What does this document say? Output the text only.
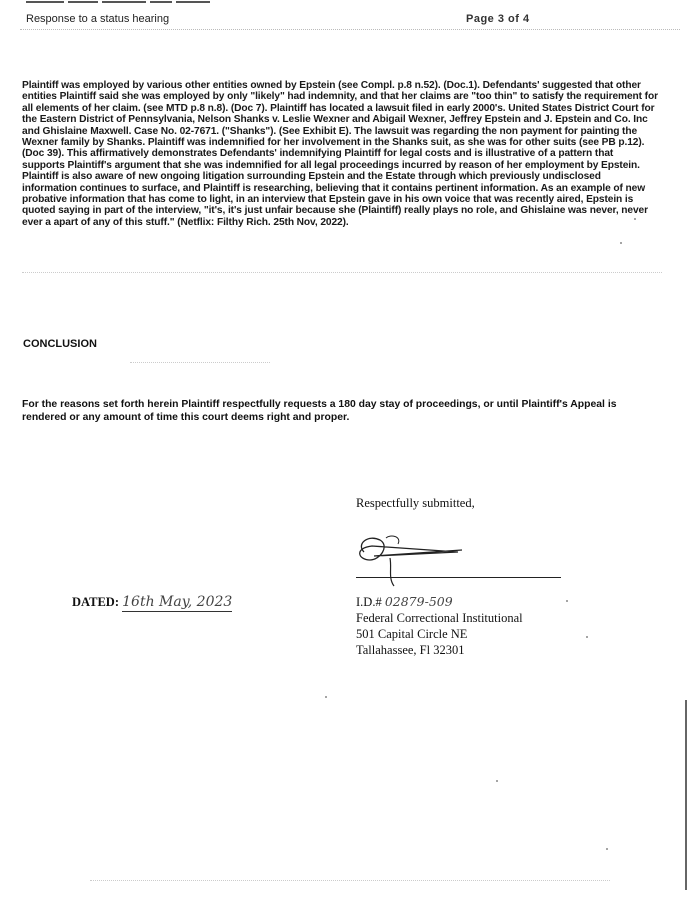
Response to a status hearing	Page 3 of 4
Plaintiff was employed by various other entities owned by Epstein (see Compl. p.8 n.52). (Doc.1). Defendants' suggested that other entities Plaintiff said she was employed by only "likely" had indemnity, and that her claims are "too thin" to satisfy the requirement for all elements of her claim. (see MTD p.8 n.8). (Doc 7). Plaintiff has located a lawsuit filed in early 2000's. United States District Court for the Eastern District of Pennsylvania, Nelson Shanks v. Leslie Wexner and Abigail Wexner, Jeffrey Epstein and J. Epstein and Co. Inc and Ghislaine Maxwell. Case No. 02-7671. ("Shanks"). (See Exhibit E). The lawsuit was regarding the non payment for painting the Wexner family by Shanks. Plaintiff was indemnified for her involvement in the Shanks suit, as she was for other suits (see PB p.12). (Doc 39). This affirmatively demonstrates Defendants' indemnifying Plaintiff for legal costs and is illustrative of a pattern that supports Plaintiff's argument that she was indemnified for all legal proceedings incurred by reason of her employment by Epstein. Plaintiff is also aware of new ongoing litigation surrounding Epstein and the Estate through which previously undisclosed information continues to surface, and Plaintiff is researching, believing that it contains pertinent information. As an example of new probative information that has come to light, in an interview that Epstein gave in his own voice that was recently aired, Epstein is quoted saying in part of the interview, "it's, it's just unfair because she (Plaintiff) really plays no role, and Ghislaine was never, never ever a apart of any of this stuff." (Netflix: Filthy Rich. 25th Nov, 2022).
CONCLUSION
For the reasons set forth herein Plaintiff respectfully requests a 180 day stay of proceedings, or until Plaintiff's Appeal is rendered or any amount of time this court deems right and proper.
Respectfully submitted,
I.D.# 02879-509
Federal Correctional Institutional
501 Capital Circle NE
Tallahassee, Fl 32301
DATED: 16th May, 2023
